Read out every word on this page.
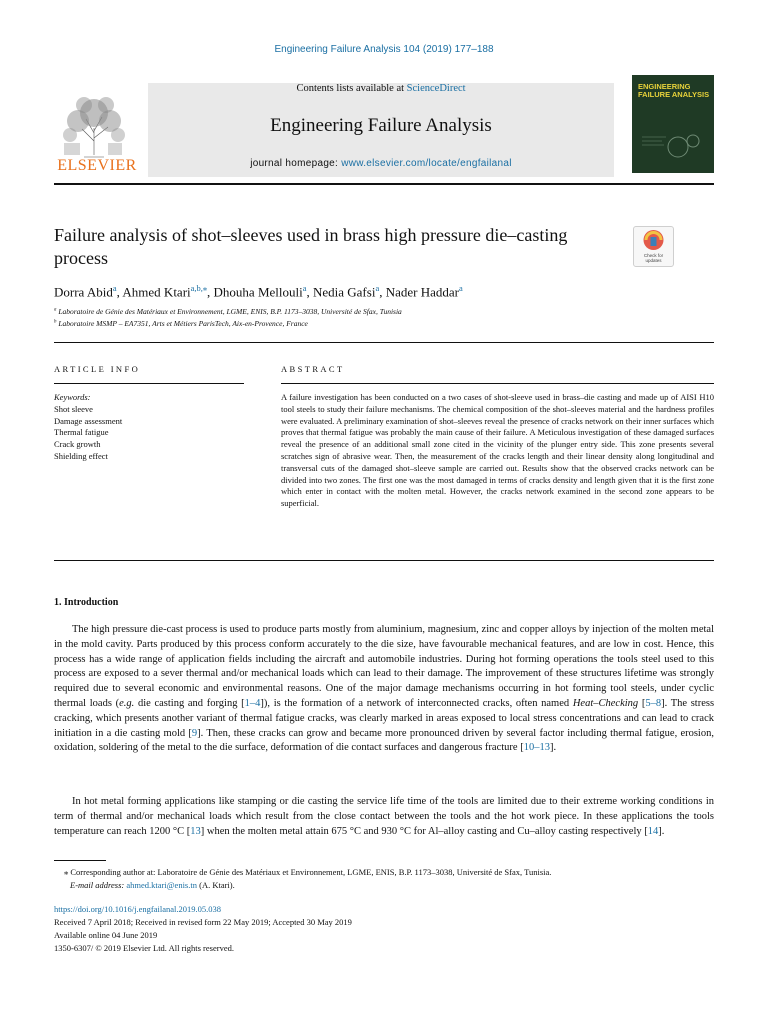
Engineering Failure Analysis 104 (2019) 177–188
ELSEVIER
Contents lists available at ScienceDirect
Engineering Failure Analysis
journal homepage: www.elsevier.com/locate/engfailanal
ENGINEERING FAILURE ANALYSIS
Failure analysis of shot–sleeves used in brass high pressure die–casting process	Check for updates
Dorra Abid$^a$, Ahmed Ktari$^{a,b,⁎}$, Dhouha Mellouli$^a$, Nedia Gafsi$^a$, Nader Haddar$^a$
$^a$ Laboratoire de Génie des Matériaux et Environnement, LGME, ENIS, B.P. 1173–3038, Université de Sfax, Tunisia
$^b$ Laboratoire MSMP – EA7351, Arts et Métiers ParisTech, Aix-en-Provence, France
ARTICLE INFO
Keywords:
Shot sleeve
Damage assessment
Thermal fatigue
Crack growth
Shielding effect
ABSTRACT
A failure investigation has been conducted on a two cases of shot-sleeve used in brass–die casting and made up of AISI H10 tool steels to study their failure mechanisms. The chemical composition of the shot–sleeves material and the hardness profiles were evaluated. A preliminary examination of shot–sleeves reveal the presence of cracks network on their inner surfaces which proves that thermal fatigue was probably the main cause of their failure. A Meticulous investigation of these damaged surfaces reveal the presence of an additional small zone cited in the vicinity of the plunger entry side. This zone presents several scratches sign of abrasive wear. Then, the measurement of the cracks length and their linear density along longitudinal and transversal cuts of the damaged shot–sleeve sample are carried out. Results show that the observed cracks network can be divided into two zones. The first one was the most damaged in terms of cracks density and length given that it is the first zone which enter in contact with the molten metal. However, the cracks network examined in the second zone appears to be superficial.
1. Introduction

The high pressure die-cast process is used to produce parts mostly from aluminium, magnesium, zinc and copper alloys by injection of the molten metal in the mold cavity. Parts produced by this process conform accurately to the die size, have favourable mechanical features, and are low in cost. Hence, this process has a wide range of application fields including the aircraft and automobile industries. During hot forming operations the tools steel used to this process are exposed to a sever thermal and/or mechanical loads which can lead to their damage. The improvement of these structures lifetime was strongly required due to several economic and environmental reasons. One of the major damage mechanisms occurring in hot forming tool steels, under cyclic thermal loads (e.g. die casting and forging [1–4]), is the formation of a network of interconnected cracks, often named Heat–Checking [5–8]. The stress cracking, which presents another variant of thermal fatigue cracks, was clearly marked in areas exposed to local stress concentrations and can lead to crack initiation in a die casting mold [9]. Then, these cracks can grow and became more pronounced driven by several factor including thermal fatigue, erosion, oxidation, soldering of the metal to the die surface, deformation of die contact surfaces and dangerous fracture [10–13].

In hot metal forming applications like stamping or die casting the service life time of the tools are limited due to their extreme working conditions in term of thermal and/or mechanical loads which result from the close contact between the tools and the hot work piece. In these applications the tools temperature can reach 1200 °C [13] when the molten metal attain 675 °C and 930 °C for Al–alloy casting and Cu–alloy casting respectively [14].

⁎ Corresponding author at: Laboratoire de Génie des Matériaux et Environnement, LGME, ENIS, B.P. 1173–3038, Université de Sfax, Tunisia.
E-mail address: ahmed.ktari@enis.tn (A. Ktari).
https://doi.org/10.1016/j.engfailanal.2019.05.038
Received 7 April 2018; Received in revised form 22 May 2019; Accepted 30 May 2019
Available online 04 June 2019
1350-6307/ © 2019 Elsevier Ltd. All rights reserved.
